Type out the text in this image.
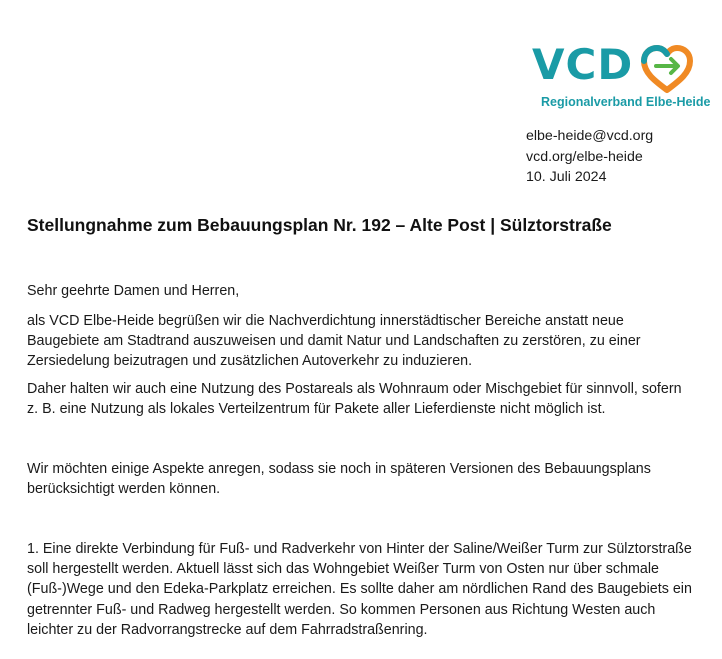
VCD
Regionalverband Elbe-Heide
elbe-heide@vcd.org
vcd.org/elbe-heide
10. Juli 2024
Stellungnahme zum Bebauungsplan Nr. 192 – Alte Post | Sülztorstraße

Sehr geehrte Damen und Herren,

als VCD Elbe-Heide begrüßen wir die Nachverdichtung innerstädtischer Bereiche anstatt neue
Baugebiete am Stadtrand auszuweisen und damit Natur und Landschaften zu zerstören, zu einer
Zersiedelung beizutragen und zusätzlichen Autoverkehr zu induzieren.

Daher halten wir auch eine Nutzung des Postareals als Wohnraum oder Mischgebiet für sinnvoll, sofern
z. B. eine Nutzung als lokales Verteilzentrum für Pakete aller Lieferdienste nicht möglich ist.

Wir möchten einige Aspekte anregen, sodass sie noch in späteren Versionen des Bebauungsplans
berücksichtigt werden können.

1. Eine direkte Verbindung für Fuß- und Radverkehr von Hinter der Saline/Weißer Turm zur Sülztorstraße
soll hergestellt werden. Aktuell lässt sich das Wohngebiet Weißer Turm von Osten nur über schmale
(Fuß-)Wege und den Edeka-Parkplatz erreichen. Es sollte daher am nördlichen Rand des Baugebiets ein
getrennter Fuß- und Radweg hergestellt werden. So kommen Personen aus Richtung Westen auch
leichter zu der Radvorrangstrecke auf dem Fahrradstraßenring.
